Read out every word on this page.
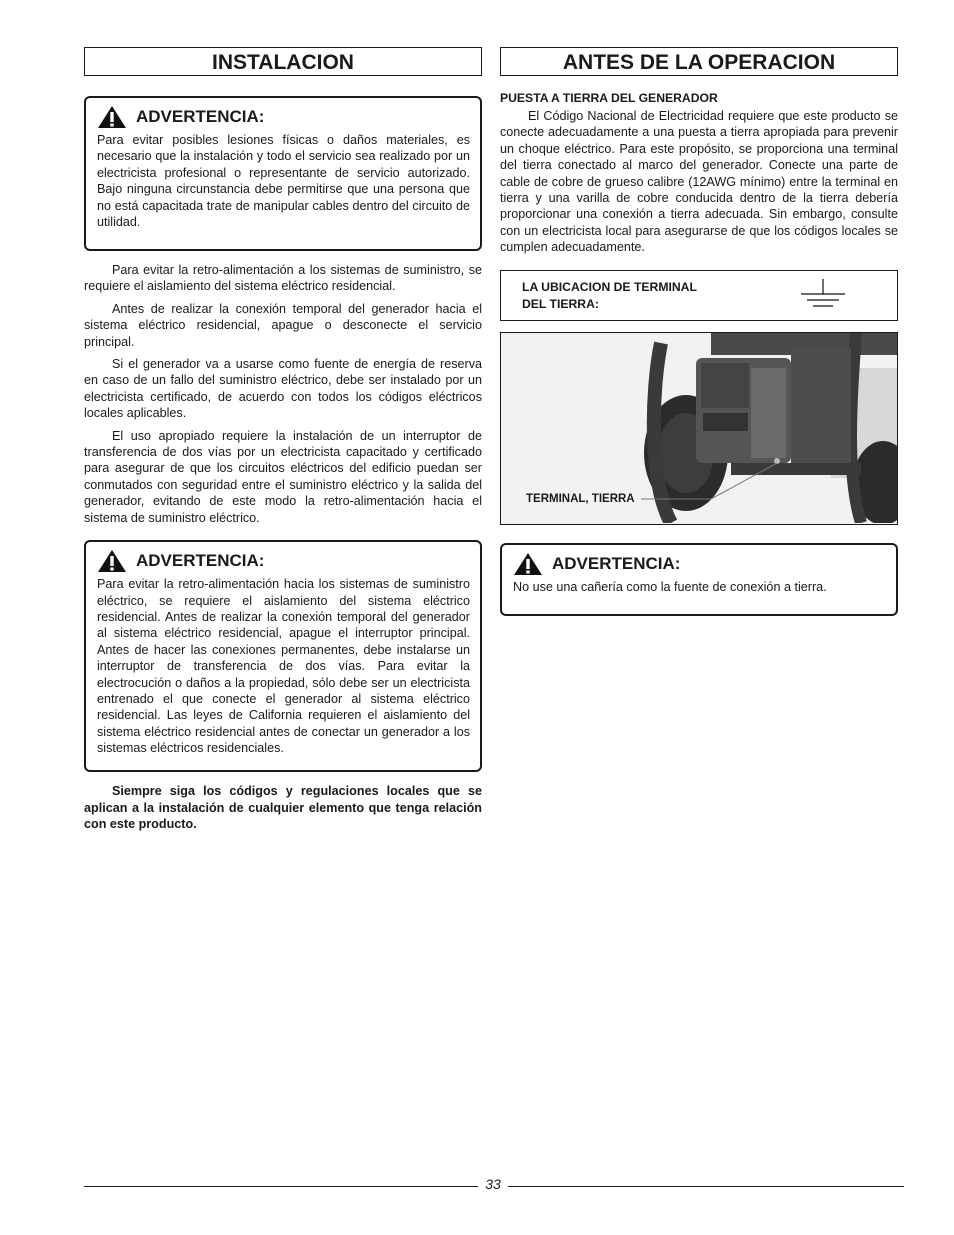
INSTALACION
ADVERTENCIA:
Para evitar posibles lesiones físicas o daños materiales, es necesario que la instalación y todo el servicio sea realizado por un electricista profesional o representante de servicio autorizado. Bajo ninguna circunstancia debe permitirse que una persona que no está capacitada trate de manipular cables dentro del circuito de utilidad.

Para evitar la retro-alimentación a los sistemas de suministro, se requiere el aislamiento del sistema eléctrico residencial.

Antes de realizar la conexión temporal del generador hacia el sistema eléctrico residencial, apague o desconecte el servicio principal.

Si el generador va a usarse como fuente de energía de reserva en caso de un fallo del suministro eléctrico, debe ser instalado por un electricista certificado, de acuerdo con todos los códigos eléctricos locales aplicables.

El uso apropiado requiere la instalación de un interruptor de transferencia de dos vías por un electricista capacitado y certificado para asegurar de que los circuitos eléctricos del edificio puedan ser conmutados con seguridad entre el suministro eléctrico y la salida del generador, evitando de este modo la retro-alimentación hacia el sistema de suministro eléctrico.

ADVERTENCIA:
Para evitar la retro-alimentación hacia los sistemas de suministro eléctrico, se requiere el aislamiento del sistema eléctrico residencial. Antes de realizar la conexión temporal del generador al sistema eléctrico residencial, apague el interruptor principal. Antes de hacer las conexiones permanentes, debe instalarse un interruptor de transferencia de dos vías. Para evitar la electrocución o daños a la propiedad, sólo debe ser un electricista entrenado el que conecte el generador al sistema eléctrico residencial. Las leyes de California requieren el aislamiento del sistema eléctrico residencial antes de conectar un generador a los sistemas eléctricos residenciales.

Siempre siga los códigos y regulaciones locales que se aplican a la instalación de cualquier elemento que tenga relación con este producto.

ANTES DE LA OPERACION
PUESTA A TIERRA DEL GENERADOR

El Código Nacional de Electricidad requiere que este producto se conecte adecuadamente a una puesta a tierra apropiada para prevenir un choque eléctrico. Para este propósito, se proporciona una terminal del tierra conectado al marco del generador. Conecte una parte de cable de cobre de grueso calibre (12AWG mínimo) entre la terminal en tierra y una varilla de cobre conducida dentro de la tierra debería proporcionar una conexión a tierra adecuada. Sin embargo, consulte con un electricista local para asegurarse de que los códigos locales se cumplen adecuadamente.

LA UBICACION DE TERMINAL
DEL TIERRA:
TERMINAL, TIERRA
ADVERTENCIA:
No use una cañería como la fuente de conexión a tierra.
33
